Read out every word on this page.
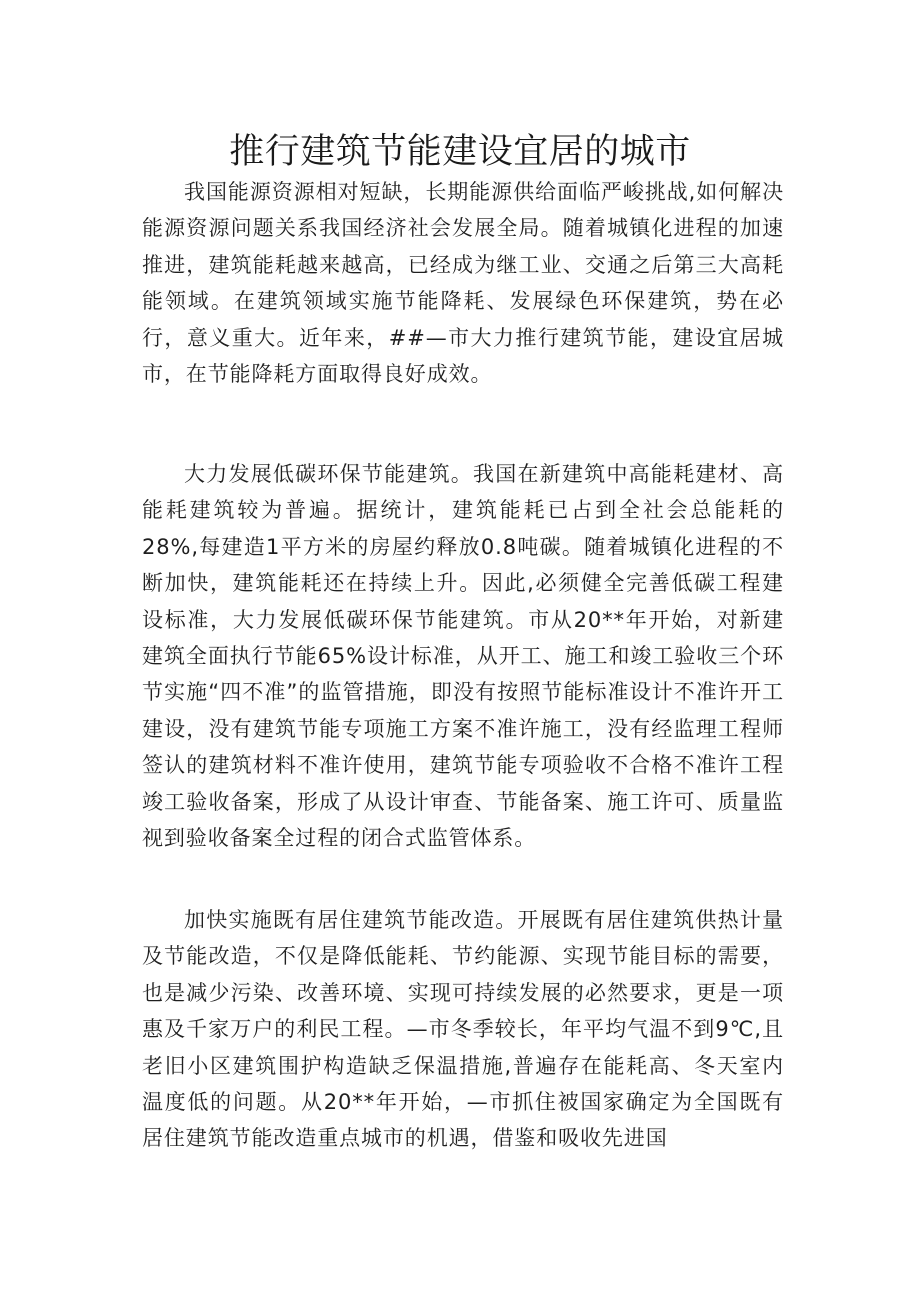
推行建筑节能建设宜居的城市

我国能源资源相对短缺，长期能源供给面临严峻挑战,如何解决能源资源问题关系我国经济社会发展全局。随着城镇化进程的加速推进，建筑能耗越来越高，已经成为继工业、交通之后第三大高耗能领域。在建筑领域实施节能降耗、发展绿色环保建筑，势在必行，意义重大。近年来，##—市大力推行建筑节能，建设宜居城市，在节能降耗方面取得良好成效。

大力发展低碳环保节能建筑。我国在新建筑中高能耗建材、高能耗建筑较为普遍。据统计，建筑能耗已占到全社会总能耗的28%,每建造1平方米的房屋约释放0.8吨碳。随着城镇化进程的不断加快，建筑能耗还在持续上升。因此,必须健全完善低碳工程建设标准，大力发展低碳环保节能建筑。市从20**年开始，对新建建筑全面执行节能65%设计标准，从开工、施工和竣工验收三个环节实施“四不准”的监管措施，即没有按照节能标准设计不准许开工建设，没有建筑节能专项施工方案不准许施工，没有经监理工程师签认的建筑材料不准许使用，建筑节能专项验收不合格不准许工程竣工验收备案，形成了从设计审查、节能备案、施工许可、质量监视到验收备案全过程的闭合式监管体系。

加快实施既有居住建筑节能改造。开展既有居住建筑供热计量及节能改造，不仅是降低能耗、节约能源、实现节能目标的需要，也是减少污染、改善环境、实现可持续发展的必然要求，更是一项惠及千家万户的利民工程。—市冬季较长，年平均气温不到9℃,且老旧小区建筑围护构造缺乏保温措施,普遍存在能耗高、冬天室内温度低的问题。从20**年开始，—市抓住被国家确定为全国既有居住建筑节能改造重点城市的机遇，借鉴和吸收先进国
